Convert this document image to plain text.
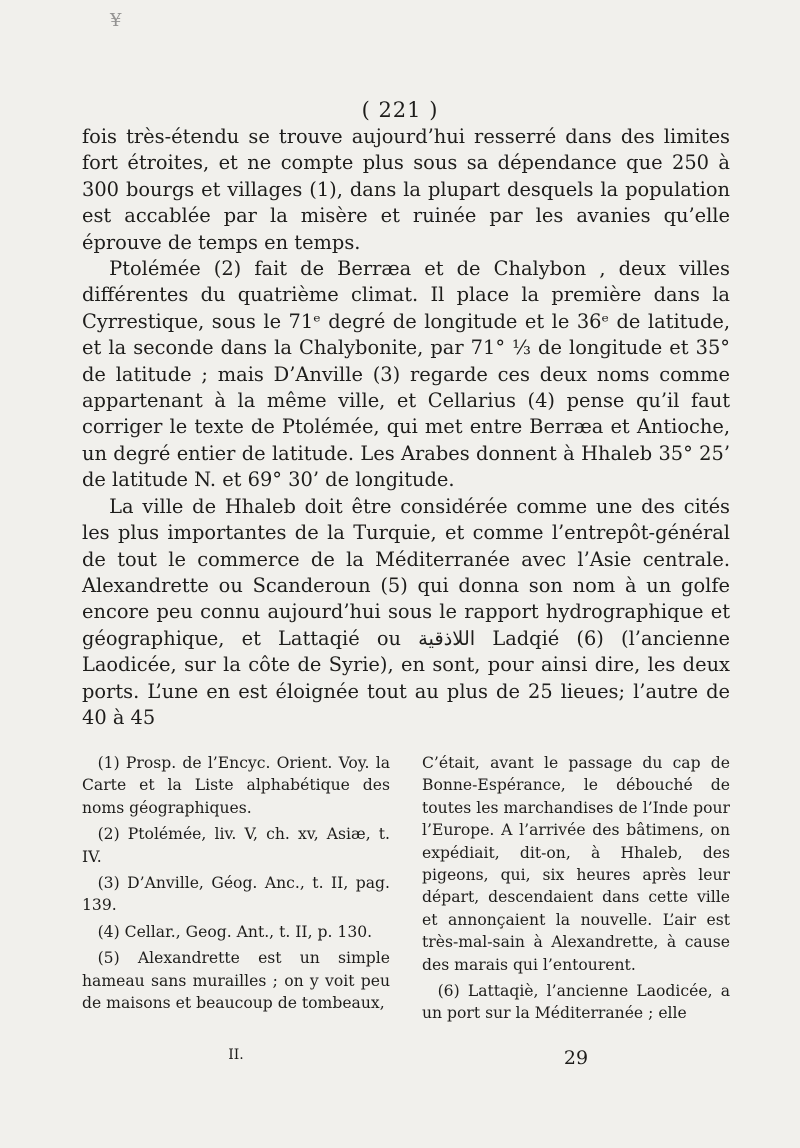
¥
( 221 )

fois très-étendu se trouve aujourd’hui resserré dans des limites fort étroites, et ne compte plus sous sa dépendance que 250 à 300 bourgs et villages (1), dans la plupart desquels la population est accablée par la misère et ruinée par les avanies qu’elle éprouve de temps en temps.

Ptolémée (2) fait de Berræa et de Chalybon , deux villes différentes du quatrième climat. Il place la première dans la Cyrrestique, sous le 71ᵉ degré de longitude et le 36ᵉ de latitude, et la seconde dans la Chalybonite, par 71° ⅓ de longitude et 35° de latitude ; mais D’Anville (3) regarde ces deux noms comme appartenant à la même ville, et Cellarius (4) pense qu’il faut corriger le texte de Ptolémée, qui met entre Berræa et Antioche, un degré entier de latitude. Les Arabes donnent à Hhaleb 35° 25’ de latitude N. et 69° 30’ de longitude.

La ville de Hhaleb doit être considérée comme une des cités les plus importantes de la Turquie, et comme l’entrepôt-général de tout le commerce de la Méditerranée avec l’Asie centrale. Alexandrette ou Scanderoun (5) qui donna son nom à un golfe encore peu connu aujourd’hui sous le rapport hydrographique et géographique, et Lattaqié ou اللاذقية Ladqié (6) (l’ancienne Laodicée, sur la côte de Syrie), en sont, pour ainsi dire, les deux ports. L’une en est éloignée tout au plus de 25 lieues; l’autre de 40 à 45

(1) Prosp. de l’Encyc. Orient. Voy. la Carte et la Liste alphabétique des noms géographiques.

(2) Ptolémée, liv. V, ch. xv, Asiæ, t. IV.

(3) D’Anville, Géog. Anc., t. II, pag. 139.

(4) Cellar., Geog. Ant., t. II, p. 130.

(5) Alexandrette est un simple hameau sans murailles ; on y voit peu de maisons et beaucoup de tombeaux,

C’était, avant le passage du cap de Bonne-Espérance, le débouché de toutes les marchandises de l’Inde pour l’Europe. A l’arrivée des bâtimens, on expédiait, dit-on, à Hhaleb, des pigeons, qui, six heures après leur départ, descendaient dans cette ville et annonçaient la nouvelle. L’air est très-mal-sain à Alexandrette, à cause des marais qui l’entourent.

(6) Lattaqiè, l’ancienne Laodicée, a un port sur la Méditerranée ; elle

II.	29
